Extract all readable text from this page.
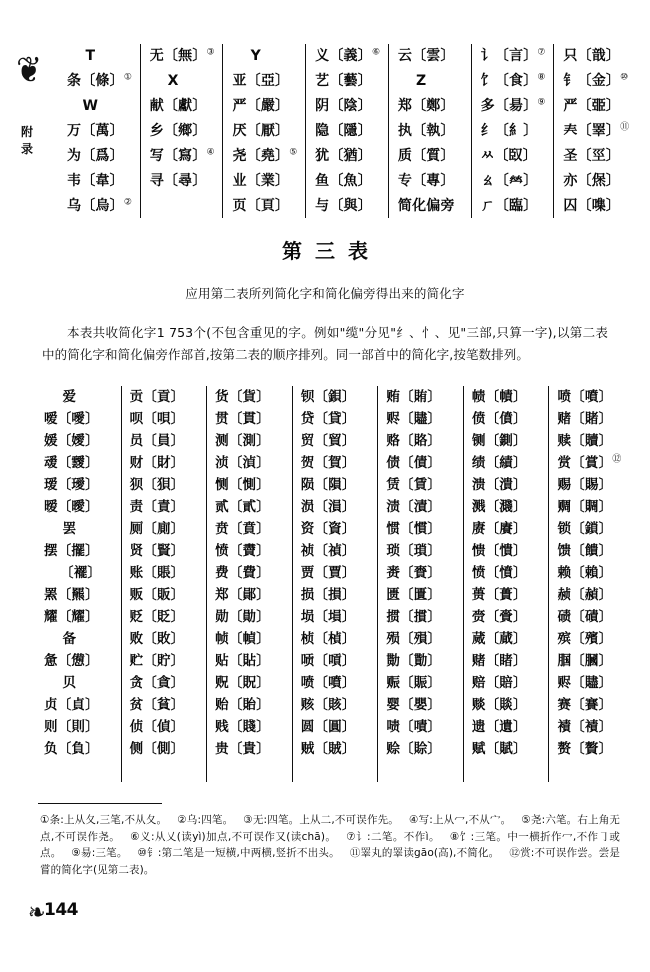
❦
附
录
T
条〔條〕①
W
万〔萬〕
为〔爲〕
韦〔韋〕
乌〔烏〕②
无〔無〕③
X
献〔獻〕
乡〔鄉〕
写〔寫〕④
寻〔尋〕
Y
亚〔亞〕
严〔嚴〕
厌〔厭〕
尧〔堯〕⑤
业〔業〕
页〔頁〕
义〔義〕⑥
艺〔藝〕
阴〔陰〕
隐〔隱〕
犹〔猶〕
鱼〔魚〕
与〔與〕
云〔雲〕
Z
郑〔鄭〕
执〔執〕
质〔質〕
专〔專〕
简化偏旁
讠〔言〕⑦
饣〔食〕⑧
多〔昜〕⑨
纟〔糹〕
ㅆ〔臤〕
ㄠ〔𤇾〕
ㄏ〔臨〕
只〔戠〕
钅〔金〕⑩
严〔臦〕
𡗗〔睪〕⑪
圣〔巠〕
亦〔㷛〕
囚〔㗱〕
第三表
应用第二表所列简化字和简化偏旁得出来的简化字
本表共收简化字1 753个(不包含重见的字。例如"缆"分见"纟、忄、见"三部,只算一字),以第二表中的简化字和简化偏旁作部首,按第二表的顺序排列。同一部首中的简化字,按笔数排列。
爱
嗳〔噯〕
媛〔嬡〕
叆〔靉〕
瑷〔璦〕
暧〔曖〕
罢
摆〔擺〕
〔襬〕
罴〔羆〕
耀〔耀〕
备
惫〔憊〕
贝
贞〔貞〕
则〔則〕
负〔負〕
贡〔貢〕
呗〔唄〕
员〔員〕
财〔財〕
狈〔狽〕
责〔責〕
厕〔廁〕
贤〔賢〕
账〔賬〕
贩〔販〕
贬〔貶〕
败〔敗〕
贮〔貯〕
贪〔貪〕
贫〔貧〕
侦〔偵〕
侧〔側〕
货〔貨〕
贯〔貫〕
测〔測〕
浈〔湞〕
恻〔惻〕
贰〔貳〕
贲〔賁〕
愤〔賮〕
费〔費〕
郑〔鄖〕
勋〔勛〕
帧〔幀〕
贴〔貼〕
贶〔貺〕
贻〔貽〕
贱〔賤〕
贵〔貴〕
钡〔鋇〕
贷〔貸〕
贸〔貿〕
贺〔賀〕
陨〔隕〕
涢〔溳〕
资〔資〕
祯〔禎〕
贾〔賈〕
损〔損〕
埙〔塤〕
桢〔楨〕
唝〔嗊〕
喷〔噴〕
赅〔賅〕
圆〔圓〕
贼〔賊〕
贿〔賄〕
赆〔贐〕
赂〔賂〕
债〔債〕
赁〔賃〕
渍〔漬〕
惯〔慣〕
琐〔瑣〕
赉〔賚〕
匮〔匱〕
掼〔摜〕
殒〔殞〕
勚〔勩〕
赈〔賑〕
婴〔嬰〕
啧〔嘖〕
赊〔賒〕
帻〔幘〕
偾〔僨〕
铡〔鍘〕
绩〔績〕
溃〔潰〕
溅〔濺〕
赓〔賡〕
愦〔憒〕
愤〔憤〕
蒉〔蕢〕
赍〔賫〕
蒇〔蕆〕
赌〔睹〕
赔〔賠〕
赕〔賧〕
遗〔遺〕
赋〔賦〕
喷〔噴〕
赌〔賭〕
赎〔贖〕
赏〔賞〕⑫
赐〔賜〕
赒〔賙〕
锁〔鎖〕
馈〔饋〕
赖〔賴〕
赪〔赬〕
碛〔磧〕
殡〔殯〕
腘〔膕〕
赆〔贐〕
赛〔賽〕
襀〔襀〕
赘〔贅〕
①条:上从夂,三笔,不从夂。 ②乌:四笔。 ③无:四笔。上从二,不可误作先。 ④写:上从冖,不从宀。 ⑤尧:六笔。右上角无点,不可误作尧。 ⑥义:从乂(读yì)加点,不可误作又(读chā)。 ⑦讠:二笔。不作ì。 ⑧饣:三笔。中一横折作冖,不作㇆或点。 ⑨昜:三笔。 ⑩钅:第二笔是一短横,中两横,竖折不出头。 ⑪睪丸的睪读gāo(高),不简化。 ⑫赏:不可误作尝。尝是嘗的简化字(见第二表)。
❧
144
